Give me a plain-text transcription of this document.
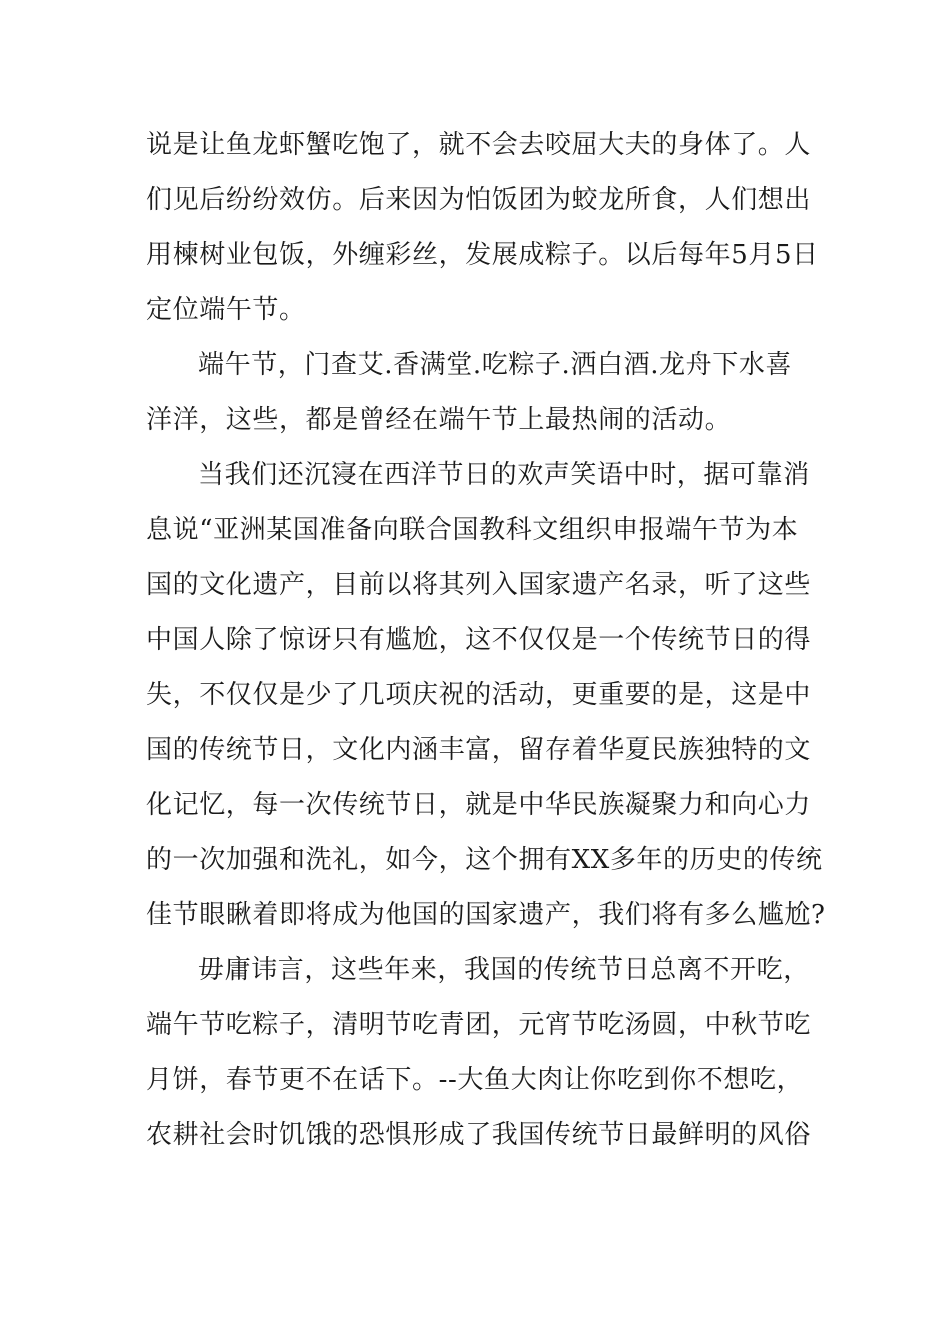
说是让鱼龙虾蟹吃饱了，就不会去咬屈大夫的身体了。人
们见后纷纷效仿。后来因为怕饭团为蛟龙所食，人们想出
用楝树业包饭，外缠彩丝，发展成粽子。以后每年5月5日
定位端午节。
端午节，门查艾.香满堂.吃粽子.洒白酒.龙舟下水喜
洋洋，这些，都是曾经在端午节上最热闹的活动。
当我们还沉寖在西洋节日的欢声笑语中时，据可靠消
息说“亚洲某国准备向联合国教科文组织申报端午节为本
国的文化遗产，目前以将其列入国家遗产名录，听了这些
中国人除了惊讶只有尴尬，这不仅仅是一个传统节日的得
失，不仅仅是少了几项庆祝的活动，更重要的是，这是中
国的传统节日，文化内涵丰富，留存着华夏民族独特的文
化记忆，每一次传统节日，就是中华民族凝聚力和向心力
的一次加强和洗礼，如今，这个拥有XX多年的历史的传统
佳节眼瞅着即将成为他国的国家遗产，我们将有多么尴尬?
毋庸讳言，这些年来，我国的传统节日总离不开吃，
端午节吃粽子，清明节吃青团，元宵节吃汤圆，中秋节吃
月饼，春节更不在话下。--大鱼大肉让你吃到你不想吃，
农耕社会时饥饿的恐惧形成了我国传统节日最鲜明的风俗
